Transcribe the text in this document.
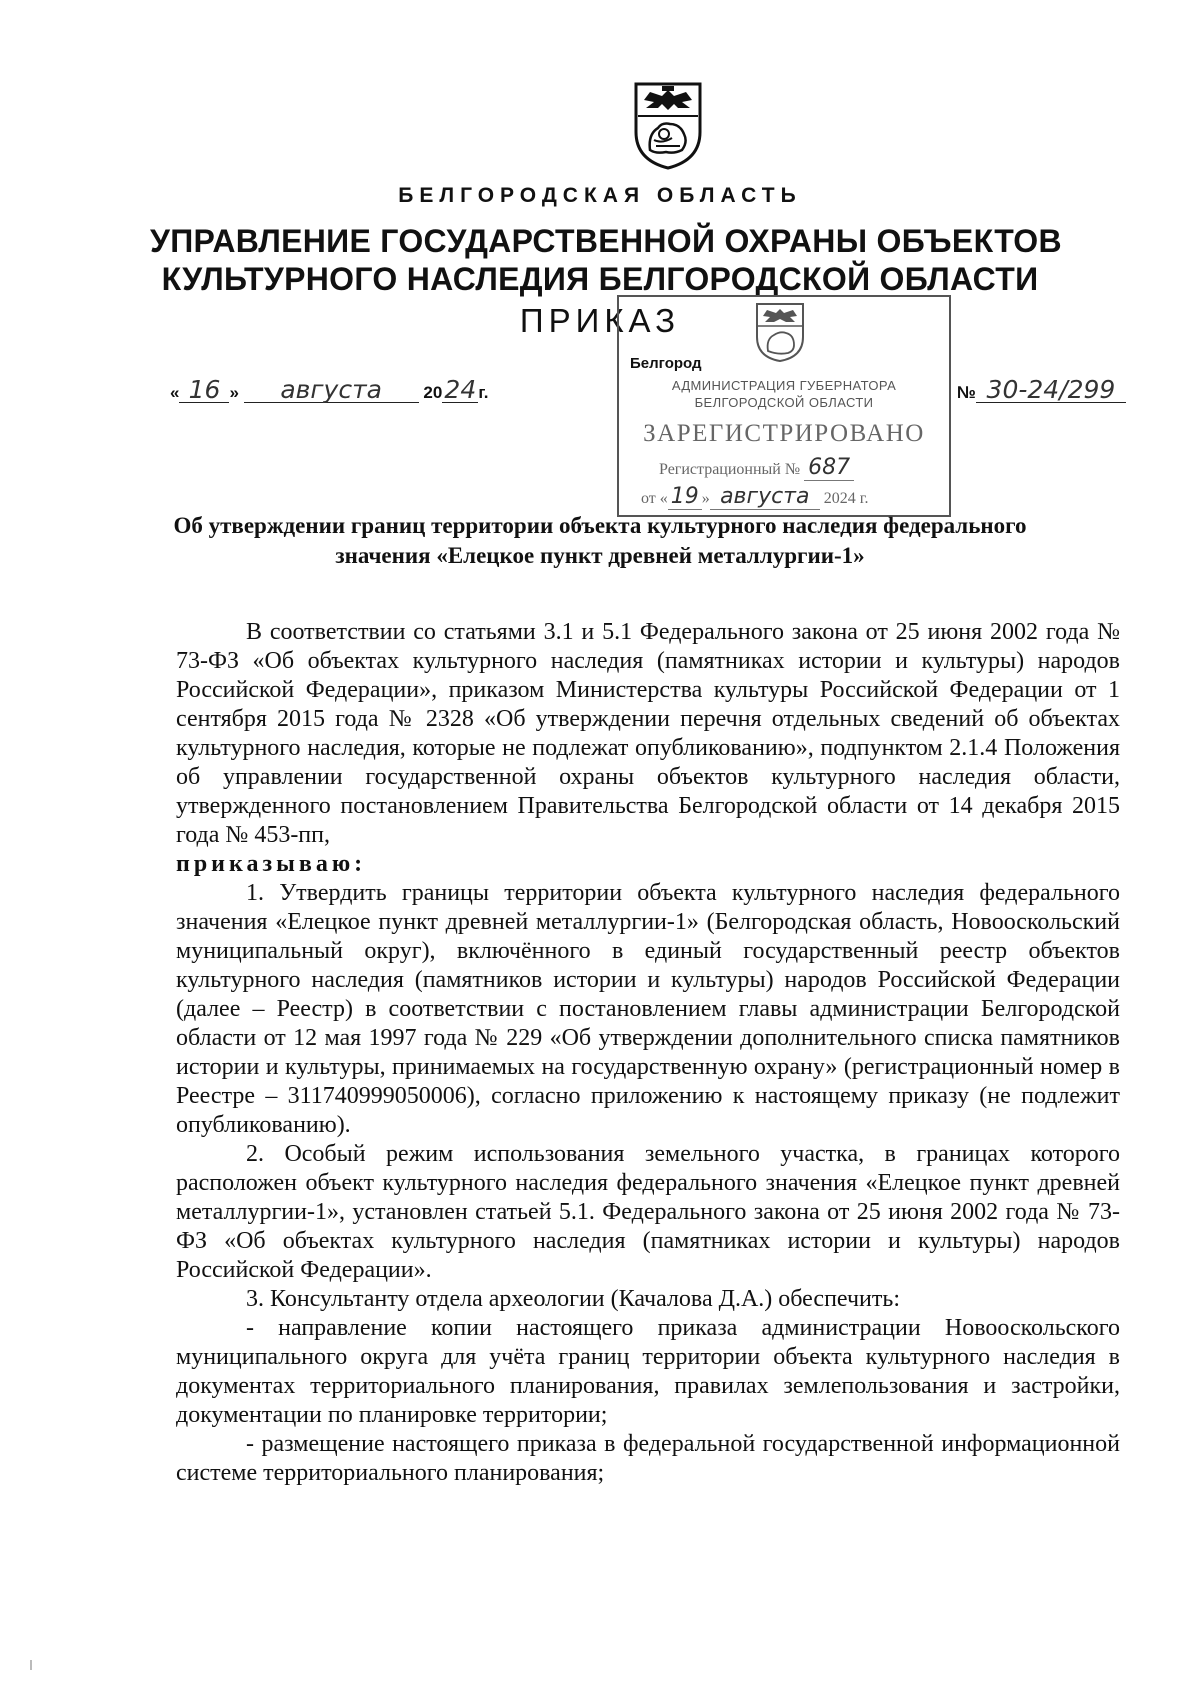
БЕЛГОРОДСКАЯ ОБЛАСТЬ
УПРАВЛЕНИЕ ГОСУДАРСТВЕННОЙ ОХРАНЫ ОБЪЕКТОВ
КУЛЬТУРНОГО НАСЛЕДИЯ БЕЛГОРОДСКОЙ ОБЛАСТИ
ПРИКАЗ
Белгород
« 16 » августа 2024 г.	№ 30-24/299
АДМИНИСТРАЦИЯ ГУБЕРНАТОРА
БЕЛГОРОДСКОЙ ОБЛАСТИ
ЗАРЕГИСТРИРОВАНО
Регистрационный № 687
от « 19 » августа 2024 г.
Об утверждении границ территории объекта культурного наследия федерального значения «Елецкое пункт древней металлургии-1»

В соответствии со статьями 3.1 и 5.1 Федерального закона от 25 июня 2002 года № 73-ФЗ «Об объектах культурного наследия (памятниках истории и культуры) народов Российской Федерации», приказом Министерства культуры Российской Федерации от 1 сентября 2015 года № 2328 «Об утверждении перечня отдельных сведений об объектах культурного наследия, которые не подлежат опубликованию», подпунктом 2.1.4 Положения об управлении государственной охраны объектов культурного наследия области, утвержденного постановлением Правительства Белгородской области от 14 декабря 2015 года № 453-пп,

приказываю:

1. Утвердить границы территории объекта культурного наследия федерального значения «Елецкое пункт древней металлургии-1» (Белгородская область, Новооскольский муниципальный округ), включённого в единый государственный реестр объектов культурного наследия (памятников истории и культуры) народов Российской Федерации (далее – Реестр) в соответствии с постановлением главы администрации Белгородской области от 12 мая 1997 года № 229 «Об утверждении дополнительного списка памятников истории и культуры, принимаемых на государственную охрану» (регистрационный номер в Реестре – 311740999050006), согласно приложению к настоящему приказу (не подлежит опубликованию).

2. Особый режим использования земельного участка, в границах которого расположен объект культурного наследия федерального значения «Елецкое пункт древней металлургии-1», установлен статьей 5.1. Федерального закона от 25 июня 2002 года № 73-ФЗ «Об объектах культурного наследия (памятниках истории и культуры) народов Российской Федерации».

3. Консультанту отдела археологии (Качалова Д.А.) обеспечить:

- направление копии настоящего приказа администрации Новооскольского муниципального округа для учёта границ территории объекта культурного наследия в документах территориального планирования, правилах землепользования и застройки, документации по планировке территории;

- размещение настоящего приказа в федеральной государственной информационной системе территориального планирования;
